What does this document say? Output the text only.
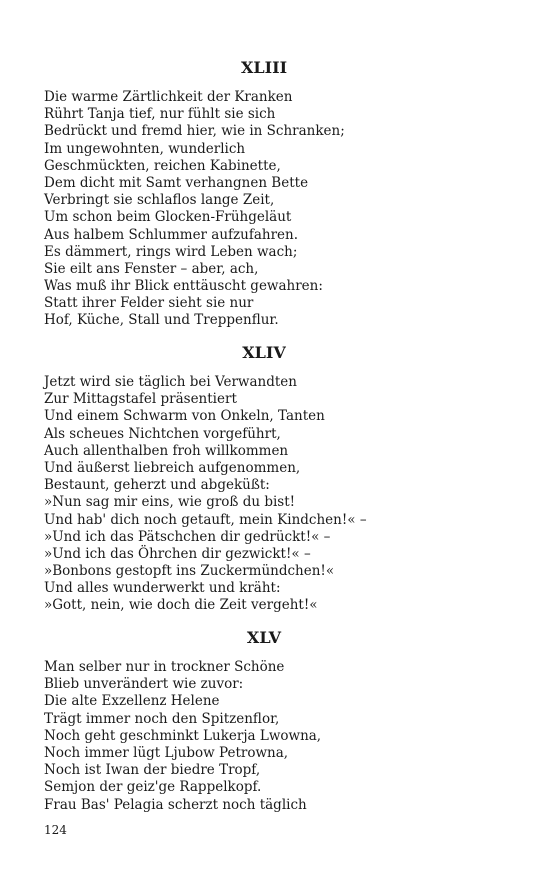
XLIII
Die warme Zärtlichkeit der Kranken
Rührt Tanja tief, nur fühlt sie sich
Bedrückt und fremd hier, wie in Schranken;
Im ungewohnten, wunderlich
Geschmückten, reichen Kabinette,
Dem dicht mit Samt verhangnen Bette
Verbringt sie schlaflos lange Zeit,
Um schon beim Glocken-Frühgeläut
Aus halbem Schlummer aufzufahren.
Es dämmert, rings wird Leben wach;
Sie eilt ans Fenster – aber, ach,
Was muß ihr Blick enttäuscht gewahren:
Statt ihrer Felder sieht sie nur
Hof, Küche, Stall und Treppenflur.
XLIV
Jetzt wird sie täglich bei Verwandten
Zur Mittagstafel präsentiert
Und einem Schwarm von Onkeln, Tanten
Als scheues Nichtchen vorgeführt,
Auch allenthalben froh willkommen
Und äußerst liebreich aufgenommen,
Bestaunt, geherzt und abgeküßt:
»Nun sag mir eins, wie groß du bist!
Und hab' dich noch getauft, mein Kindchen!« –
»Und ich das Pätschchen dir gedrückt!« –
»Und ich das Öhrchen dir gezwickt!« –
»Bonbons gestopft ins Zuckermündchen!«
Und alles wunderwerkt und kräht:
»Gott, nein, wie doch die Zeit vergeht!«
XLV
Man selber nur in trockner Schöne
Blieb unverändert wie zuvor:
Die alte Exzellenz Helene
Trägt immer noch den Spitzenflor,
Noch geht geschminkt Lukerja Lwowna,
Noch immer lügt Ljubow Petrowna,
Noch ist Iwan der biedre Tropf,
Semjon der geiz'ge Rappelkopf.
Frau Bas' Pelagia scherzt noch täglich
124
